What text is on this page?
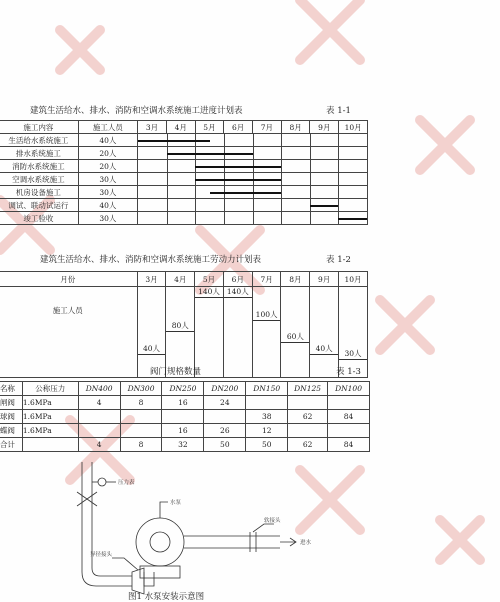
建筑生活给水、排水、消防和空调水系统施工进度计划表	表 1-1
施工内容	施工人员	3月	4月	5月	6月	7月	8月	9月	10月
生活给水系统施工	40人								

排水系统施工	20人								

消防水系统施工	20人								

空调水系统施工	30人								

机房设备施工	30人								

调试、联动试运行	40人								

竣工验收	30人								
建筑生活给水、排水、消防和空调水系统施工劳动力计划表	表 1-2
月份	3月	4月	5月	6月	7月	8月	9月	10月
施工人员	40人	80人	140人	140人	100人	60人	40人	30人
阀门规格数量	表 1-3
名称	公称压力	DN400	DN300	DN250	DN200	DN150	DN125	DN100
闸阀	1.6MPa	4	8	16	24			
球阀	1.6MPa					38	62	84
蝶阀	1.6MPa			16	26	12		
合计		4	8	32	50	50	62	84
压力表
水泵
异径接头
软接头
进水
图1 水泵安装示意图
